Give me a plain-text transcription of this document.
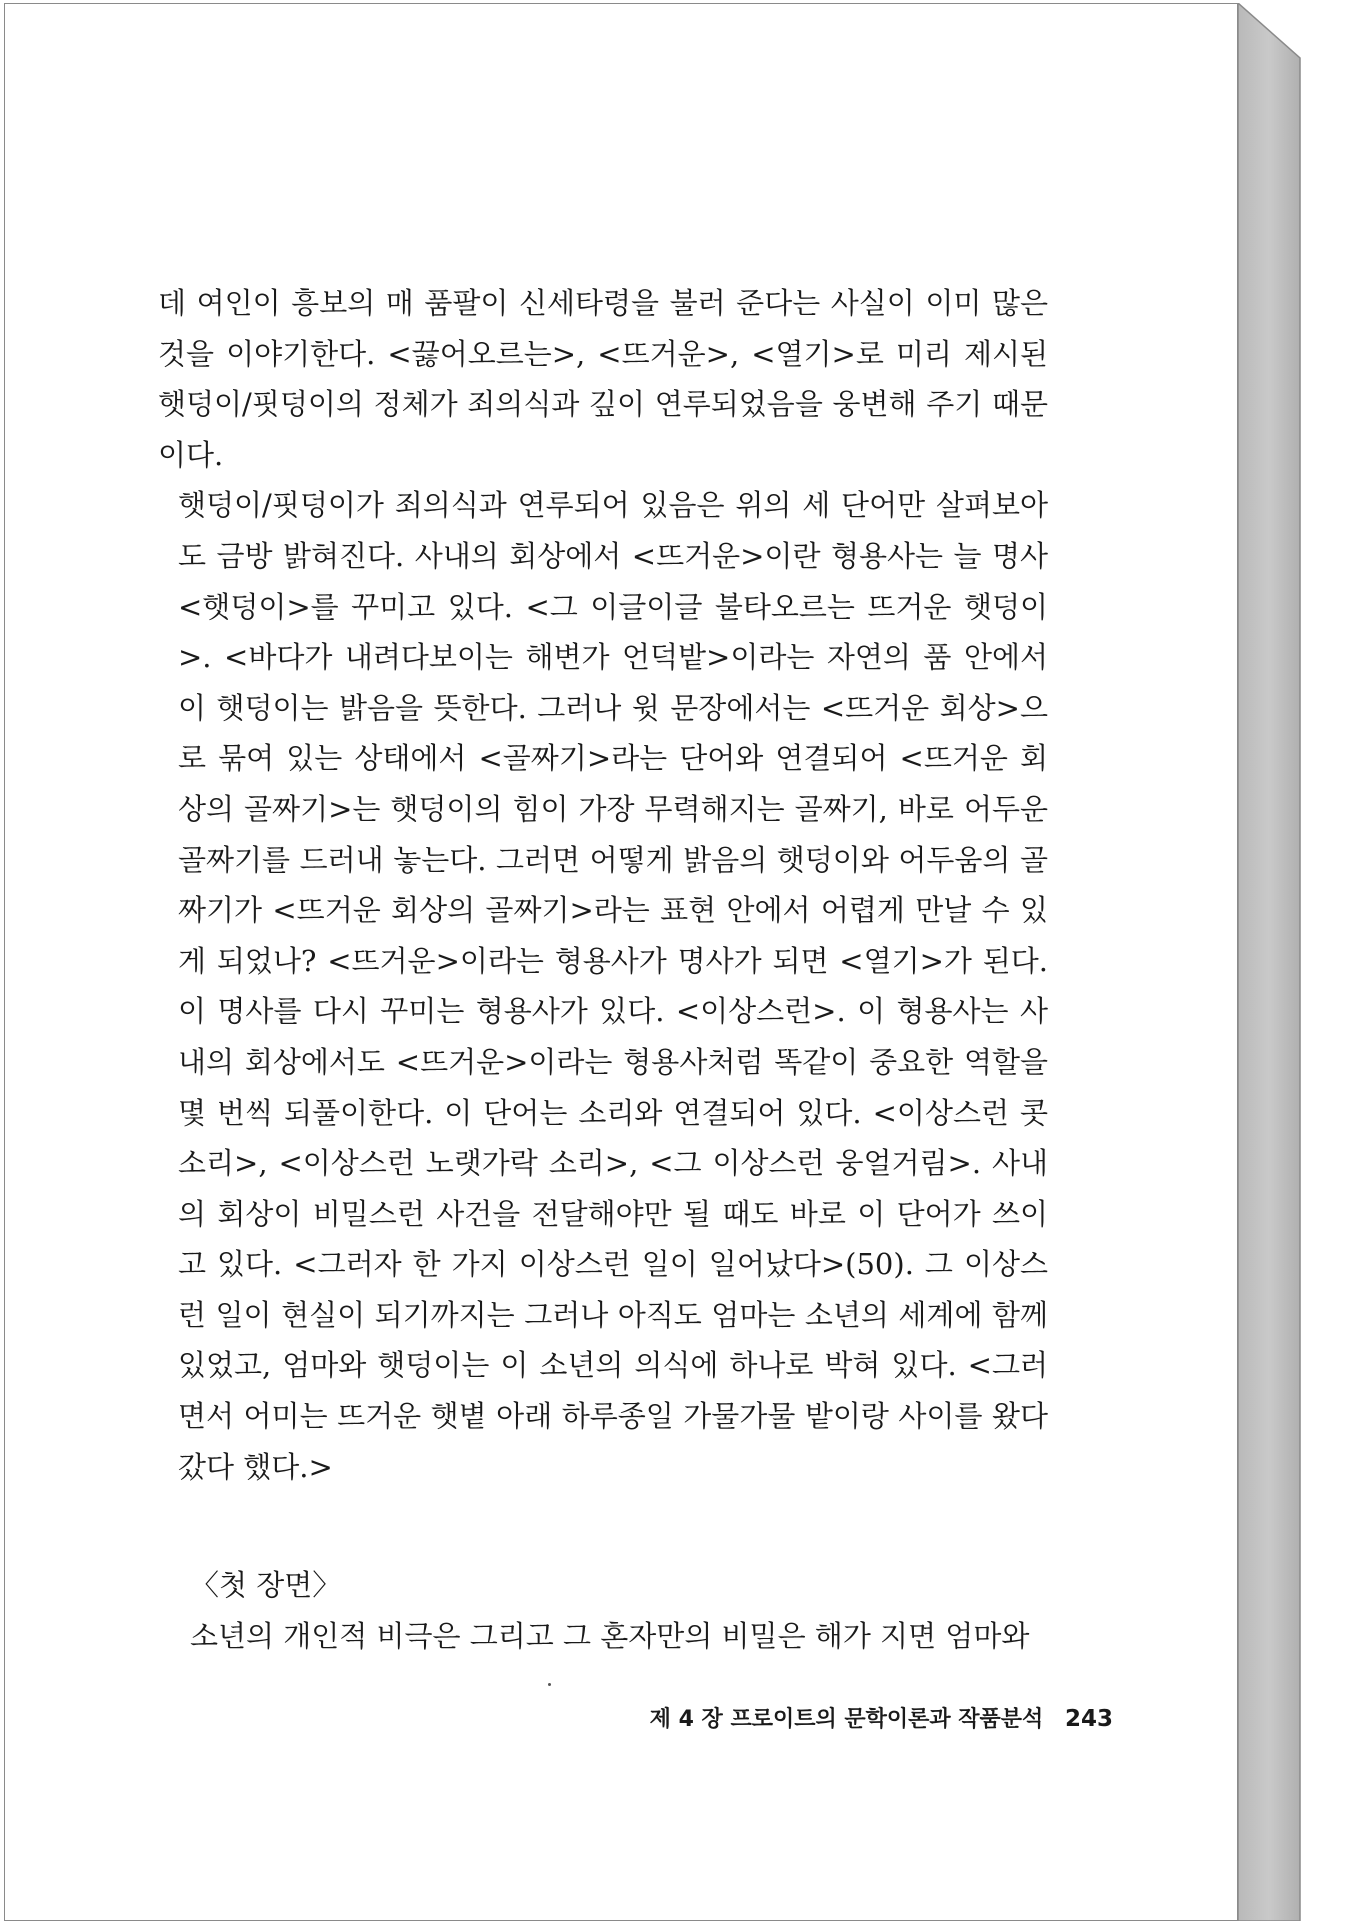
데 여인이 흥보의 매 품팔이 신세타령을 불러 준다는 사실이 이미 많은 것을 이야기한다. <끓어오르는>, <뜨거운>, <열기>로 미리 제시된 햇덩이/핏덩이의 정체가 죄의식과 깊이 연루되었음을 웅변해 주기 때문이다.

햇덩이/핏덩이가 죄의식과 연루되어 있음은 위의 세 단어만 살펴보아도 금방 밝혀진다. 사내의 회상에서 <뜨거운>이란 형용사는 늘 명사 <햇덩이>를 꾸미고 있다. <그 이글이글 불타오르는 뜨거운 햇덩이>. <바다가 내려다보이는 해변가 언덕밭>이라는 자연의 품 안에서 이 햇덩이는 밝음을 뜻한다. 그러나 윗 문장에서는 <뜨거운 회상>으로 묶여 있는 상태에서 <골짜기>라는 단어와 연결되어 <뜨거운 회상의 골짜기>는 햇덩이의 힘이 가장 무력해지는 골짜기, 바로 어두운 골짜기를 드러내 놓는다. 그러면 어떻게 밝음의 햇덩이와 어두움의 골짜기가 <뜨거운 회상의 골짜기>라는 표현 안에서 어렵게 만날 수 있게 되었나? <뜨거운>이라는 형용사가 명사가 되면 <열기>가 된다. 이 명사를 다시 꾸미는 형용사가 있다. <이상스런>. 이 형용사는 사내의 회상에서도 <뜨거운>이라는 형용사처럼 똑같이 중요한 역할을 몇 번씩 되풀이한다. 이 단어는 소리와 연결되어 있다. <이상스런 콧소리>, <이상스런 노랫가락 소리>, <그 이상스런 웅얼거림>. 사내의 회상이 비밀스런 사건을 전달해야만 될 때도 바로 이 단어가 쓰이고 있다. <그러자 한 가지 이상스런 일이 일어났다>(50). 그 이상스런 일이 현실이 되기까지는 그러나 아직도 엄마는 소년의 세계에 함께 있었고, 엄마와 햇덩이는 이 소년의 의식에 하나로 박혀 있다. <그러면서 어미는 뜨거운 햇볕 아래 하루종일 가물가물 밭이랑 사이를 왔다 갔다 했다.>

〈첫 장면〉

소년의 개인적 비극은 그리고 그 혼자만의 비밀은 해가 지면 엄마와

제 4 장 프로이트의 문학이론과 작품분석 243
